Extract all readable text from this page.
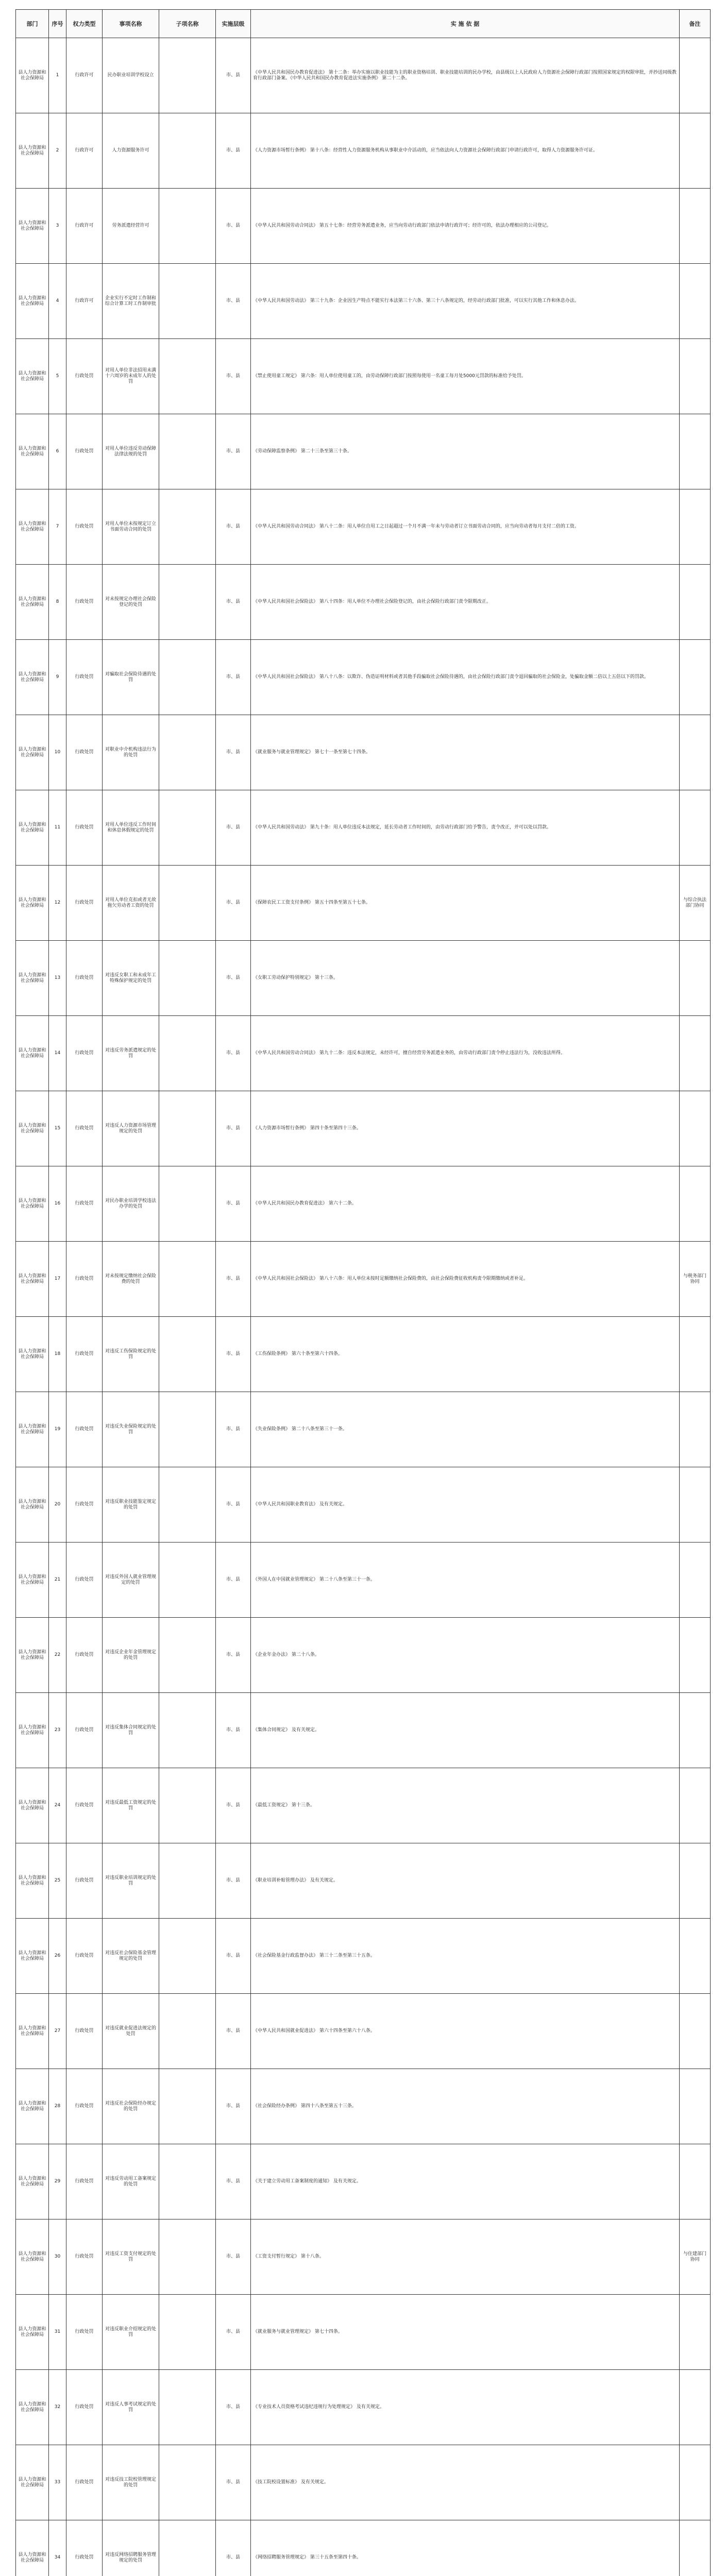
部门	序号	权力类型	事项名称	子项名称	实施层级	实 施 依 据	备注
县人力资源和社会保障局	1	行政许可	民办职业培训学校设立		市、县	《中华人民共和国民办教育促进法》 第十二条：举办实施以职业技能为主的职业资格培训、职业技能培训的民办学校，由县级以上人民政府人力资源社会保障行政部门按照国家规定的权限审批，并抄送同级教育行政部门备案。《中华人民共和国民办教育促进法实施条例》 第二十二条。	
县人力资源和社会保障局	2	行政许可	人力资源服务许可		市、县	《人力资源市场暂行条例》 第十八条：经营性人力资源服务机构从事职业中介活动的，应当依法向人力资源社会保障行政部门申请行政许可，取得人力资源服务许可证。	
县人力资源和社会保障局	3	行政许可	劳务派遣经营许可		市、县	《中华人民共和国劳动合同法》 第五十七条：经营劳务派遣业务，应当向劳动行政部门依法申请行政许可；经许可的，依法办理相应的公司登记。	
县人力资源和社会保障局	4	行政许可	企业实行不定时工作制和综合计算工时工作制审批		市、县	《中华人民共和国劳动法》 第三十九条：企业因生产特点不能实行本法第三十六条、第三十八条规定的，经劳动行政部门批准，可以实行其他工作和休息办法。	
县人力资源和社会保障局	5	行政处罚	对用人单位非法招用未满十六周岁的未成年人的处罚		市、县	《禁止使用童工规定》 第六条：用人单位使用童工的，由劳动保障行政部门按照每使用一名童工每月处5000元罚款的标准给予处罚。	
县人力资源和社会保障局	6	行政处罚	对用人单位违反劳动保障法律法规的处罚		市、县	《劳动保障监察条例》 第二十三条至第三十条。	
县人力资源和社会保障局	7	行政处罚	对用人单位未按规定订立书面劳动合同的处罚		市、县	《中华人民共和国劳动合同法》 第八十二条：用人单位自用工之日起超过一个月不满一年未与劳动者订立书面劳动合同的，应当向劳动者每月支付二倍的工资。	
县人力资源和社会保障局	8	行政处罚	对未按规定办理社会保险登记的处罚		市、县	《中华人民共和国社会保险法》 第八十四条：用人单位不办理社会保险登记的，由社会保险行政部门责令限期改正。	
县人力资源和社会保障局	9	行政处罚	对骗取社会保险待遇的处罚		市、县	《中华人民共和国社会保险法》 第八十八条：以欺诈、伪造证明材料或者其他手段骗取社会保险待遇的，由社会保险行政部门责令退回骗取的社会保险金，处骗取金额二倍以上五倍以下的罚款。	
县人力资源和社会保障局	10	行政处罚	对职业中介机构违法行为的处罚		市、县	《就业服务与就业管理规定》 第七十一条至第七十四条。	
县人力资源和社会保障局	11	行政处罚	对用人单位违反工作时间和休息休假规定的处罚		市、县	《中华人民共和国劳动法》 第九十条：用人单位违反本法规定，延长劳动者工作时间的，由劳动行政部门给予警告，责令改正，并可以处以罚款。	
县人力资源和社会保障局	12	行政处罚	对用人单位克扣或者无故拖欠劳动者工资的处罚		市、县	《保障农民工工资支付条例》 第五十四条至第五十七条。	与综合执法部门协同
县人力资源和社会保障局	13	行政处罚	对违反女职工和未成年工特殊保护规定的处罚		市、县	《女职工劳动保护特别规定》 第十三条。	
县人力资源和社会保障局	14	行政处罚	对违反劳务派遣规定的处罚		市、县	《中华人民共和国劳动合同法》 第九十二条：违反本法规定，未经许可，擅自经营劳务派遣业务的，由劳动行政部门责令停止违法行为，没收违法所得。	
县人力资源和社会保障局	15	行政处罚	对违反人力资源市场管理规定的处罚		市、县	《人力资源市场暂行条例》 第四十条至第四十三条。	
县人力资源和社会保障局	16	行政处罚	对民办职业培训学校违法办学的处罚		市、县	《中华人民共和国民办教育促进法》 第六十二条。	
县人力资源和社会保障局	17	行政处罚	对未按规定缴纳社会保险费的处罚		市、县	《中华人民共和国社会保险法》 第八十六条：用人单位未按时足额缴纳社会保险费的，由社会保险费征收机构责令限期缴纳或者补足。	与税务部门协同
县人力资源和社会保障局	18	行政处罚	对违反工伤保险规定的处罚		市、县	《工伤保险条例》 第六十条至第六十四条。	
县人力资源和社会保障局	19	行政处罚	对违反失业保险规定的处罚		市、县	《失业保险条例》 第二十八条至第三十一条。	
县人力资源和社会保障局	20	行政处罚	对违反职业技能鉴定规定的处罚		市、县	《中华人民共和国职业教育法》 及有关规定。	
县人力资源和社会保障局	21	行政处罚	对违反外国人就业管理规定的处罚		市、县	《外国人在中国就业管理规定》 第二十八条至第三十一条。	
县人力资源和社会保障局	22	行政处罚	对违反企业年金管理规定的处罚		市、县	《企业年金办法》 第二十八条。	
县人力资源和社会保障局	23	行政处罚	对违反集体合同规定的处罚		市、县	《集体合同规定》 及有关规定。	
县人力资源和社会保障局	24	行政处罚	对违反最低工资规定的处罚		市、县	《最低工资规定》 第十三条。	
县人力资源和社会保障局	25	行政处罚	对违反职业培训规定的处罚		市、县	《职业培训补贴管理办法》 及有关规定。	
县人力资源和社会保障局	26	行政处罚	对违反社会保险基金管理规定的处罚		市、县	《社会保险基金行政监督办法》 第三十二条至第三十五条。	
县人力资源和社会保障局	27	行政处罚	对违反就业促进法规定的处罚		市、县	《中华人民共和国就业促进法》 第六十四条至第六十八条。	
县人力资源和社会保障局	28	行政处罚	对违反社会保险经办规定的处罚		市、县	《社会保险经办条例》 第四十八条至第五十三条。	
县人力资源和社会保障局	29	行政处罚	对违反劳动用工备案规定的处罚		市、县	《关于建立劳动用工备案制度的通知》 及有关规定。	
县人力资源和社会保障局	30	行政处罚	对违反工资支付规定的处罚		市、县	《工资支付暂行规定》 第十八条。	与住建部门协同
县人力资源和社会保障局	31	行政处罚	对违反职业介绍规定的处罚		市、县	《就业服务与就业管理规定》 第七十四条。	
县人力资源和社会保障局	32	行政处罚	对违反人事考试规定的处罚		市、县	《专业技术人员资格考试违纪违规行为处理规定》 及有关规定。	
县人力资源和社会保障局	33	行政处罚	对违反技工院校管理规定的处罚		市、县	《技工院校设置标准》 及有关规定。	
县人力资源和社会保障局	34	行政处罚	对违反网络招聘服务管理规定的处罚		市、县	《网络招聘服务管理规定》 第三十五条至第四十条。	
